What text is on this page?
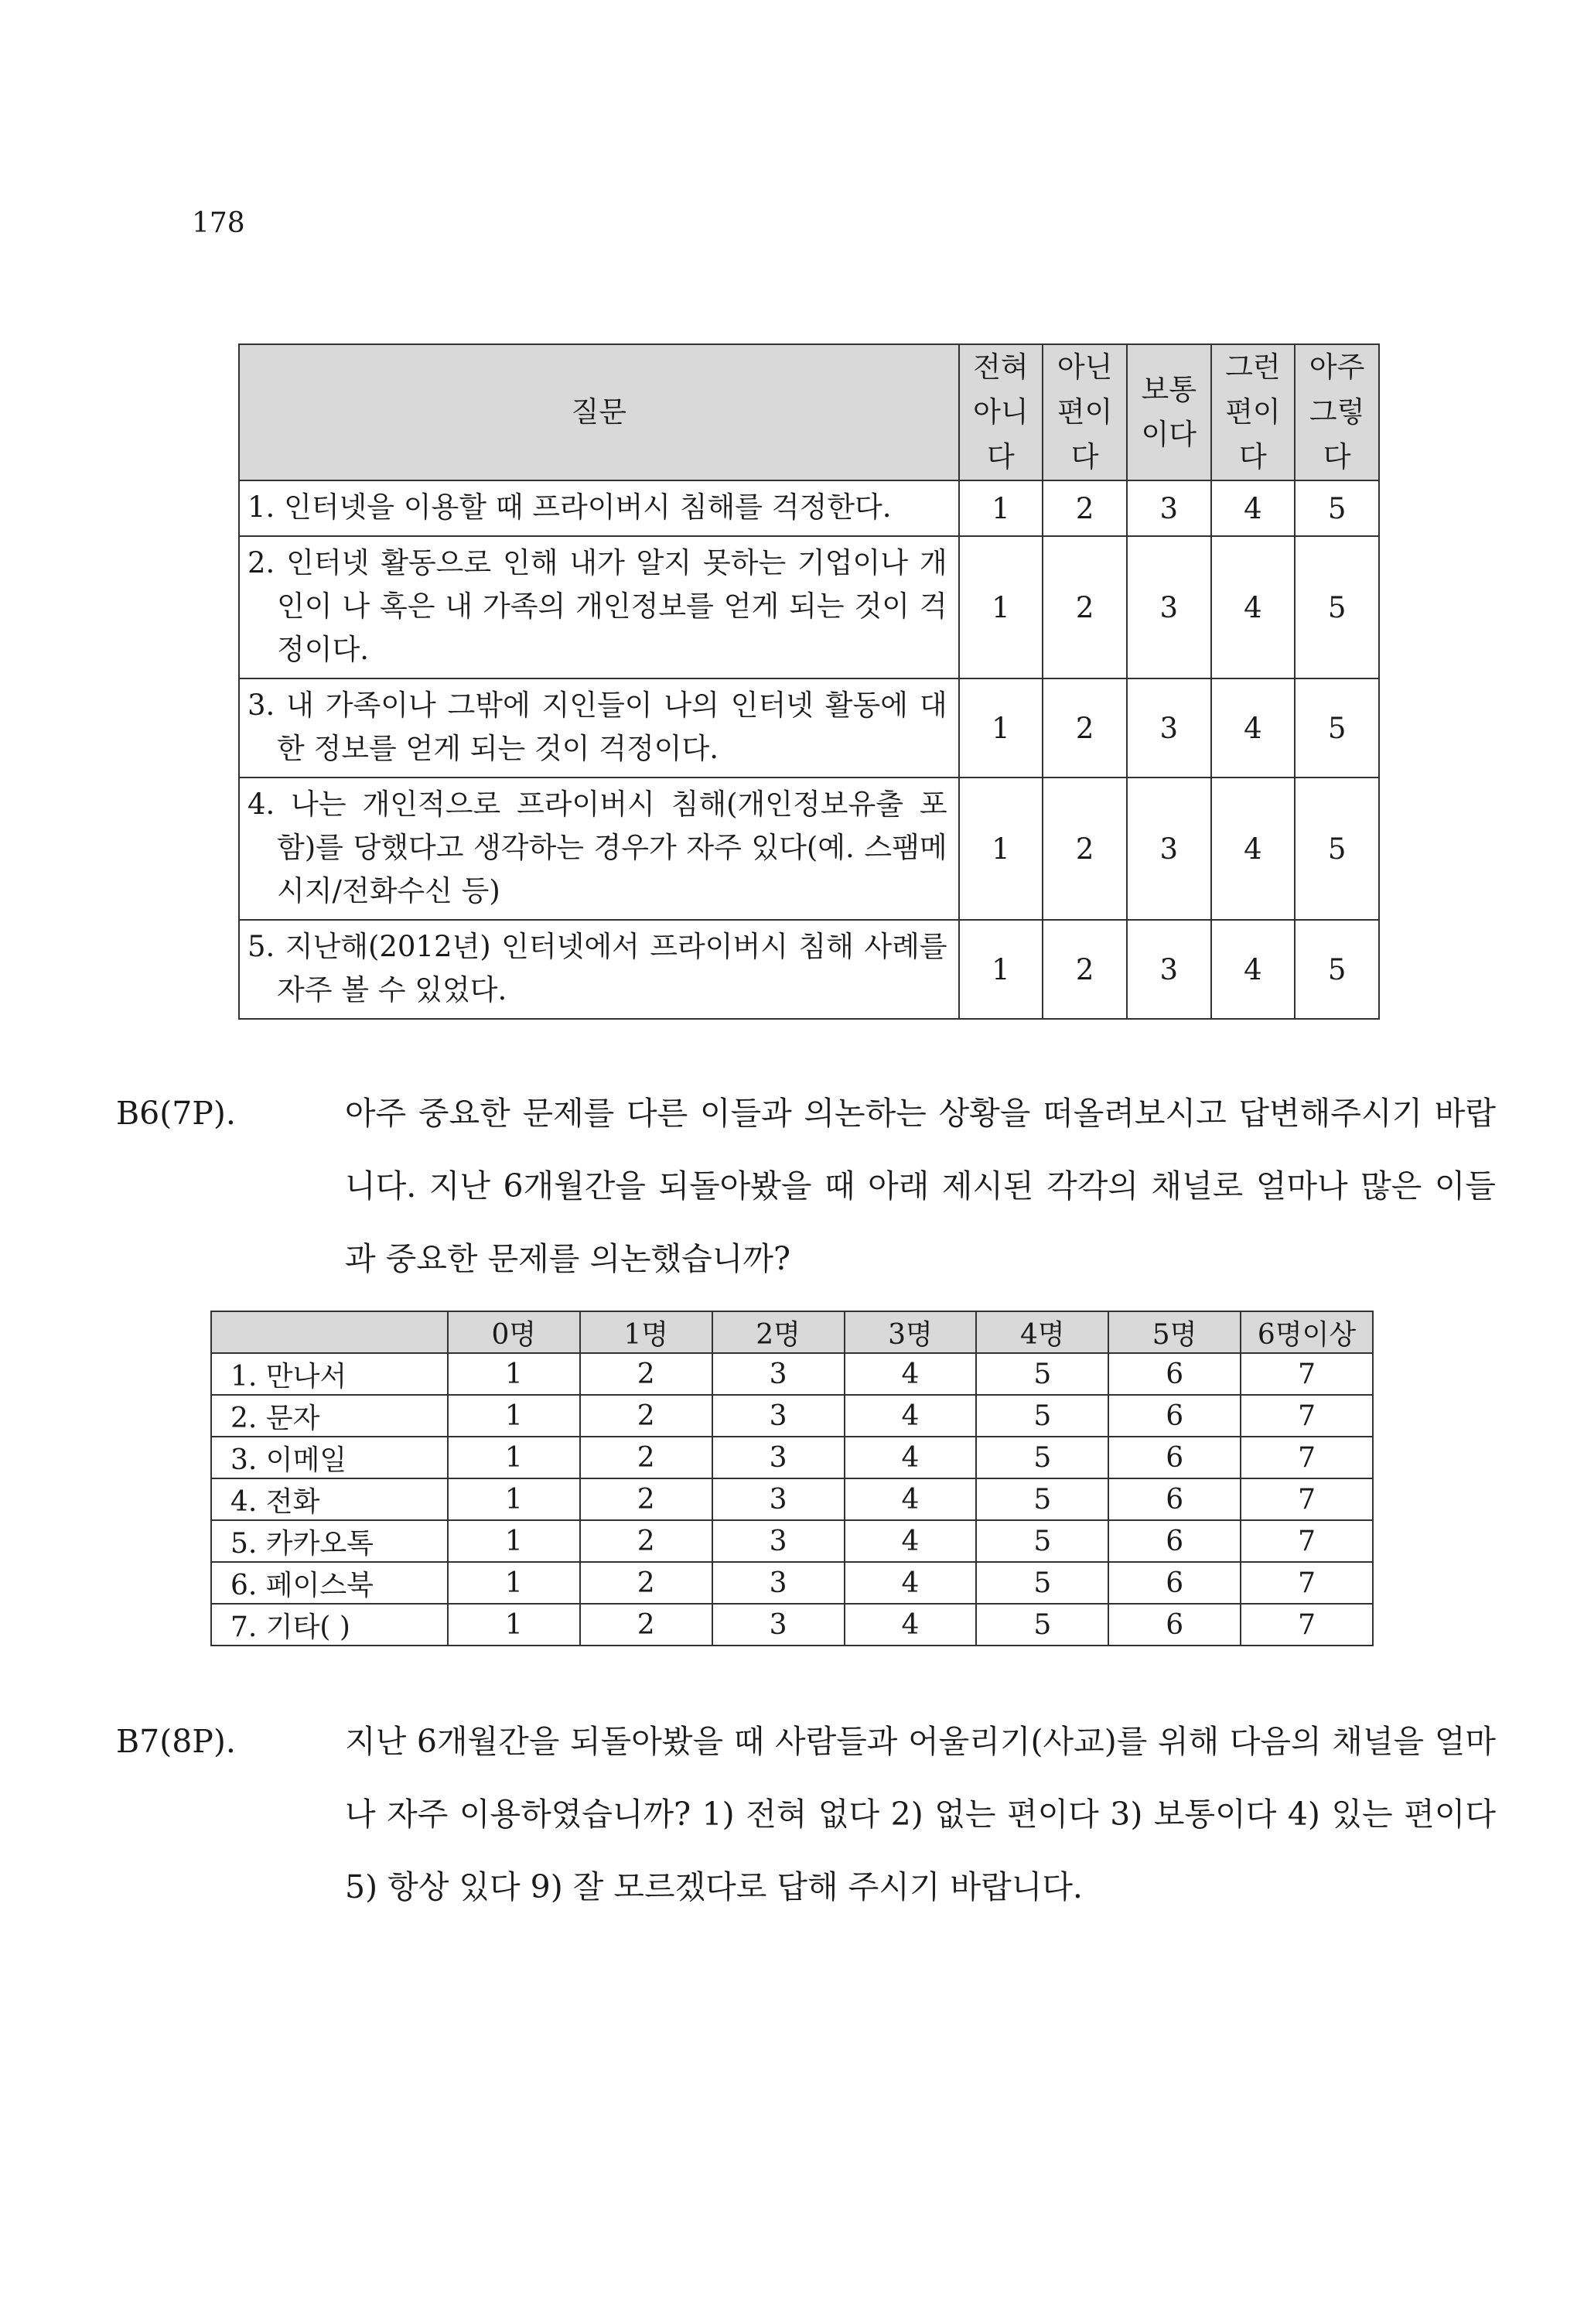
178
질문	전혀
아니
다	아닌
편이
다	보통
이다	그런
편이
다	아주
그렇
다

1. 인터넷을 이용할 때 프라이버시 침해를 걱정한다.	1	2	3	4	5

2. 인터넷 활동으로 인해 내가 알지 못하는 기업이나 개인이 나 혹은 내 가족의 개인정보를 얻게 되는 것이 걱정이다.	1	2	3	4	5

3. 내 가족이나 그밖에 지인들이 나의 인터넷 활동에 대한 정보를 얻게 되는 것이 걱정이다.	1	2	3	4	5

4. 나는 개인적으로 프라이버시 침해(개인정보유출 포함)를 당했다고 생각하는 경우가 자주 있다(예. 스팸메시지/전화수신 등)	1	2	3	4	5

5. 지난해(2012년) 인터넷에서 프라이버시 침해 사례를 자주 볼 수 있었다.	1	2	3	4	5
B6(7P).	아주 중요한 문제를 다른 이들과 의논하는 상황을 떠올려보시고 답변해주시기 바랍니다. 지난 6개월간을 되돌아봤을 때 아래 제시된 각각의 채널로 얼마나 많은 이들과 중요한 문제를 의논했습니까?
	0명	1명	2명	3명	4명	5명	6명이상
1. 만나서	1	2	3	4	5	6	7
2. 문자	1	2	3	4	5	6	7
3. 이메일	1	2	3	4	5	6	7
4. 전화	1	2	3	4	5	6	7
5. 카카오톡	1	2	3	4	5	6	7
6. 페이스북	1	2	3	4	5	6	7
7. 기타( )	1	2	3	4	5	6	7
B7(8P).	지난 6개월간을 되돌아봤을 때 사람들과 어울리기(사교)를 위해 다음의 채널을 얼마나 자주 이용하였습니까? 1) 전혀 없다 2) 없는 편이다 3) 보통이다 4) 있는 편이다 5) 항상 있다 9) 잘 모르겠다로 답해 주시기 바랍니다.
